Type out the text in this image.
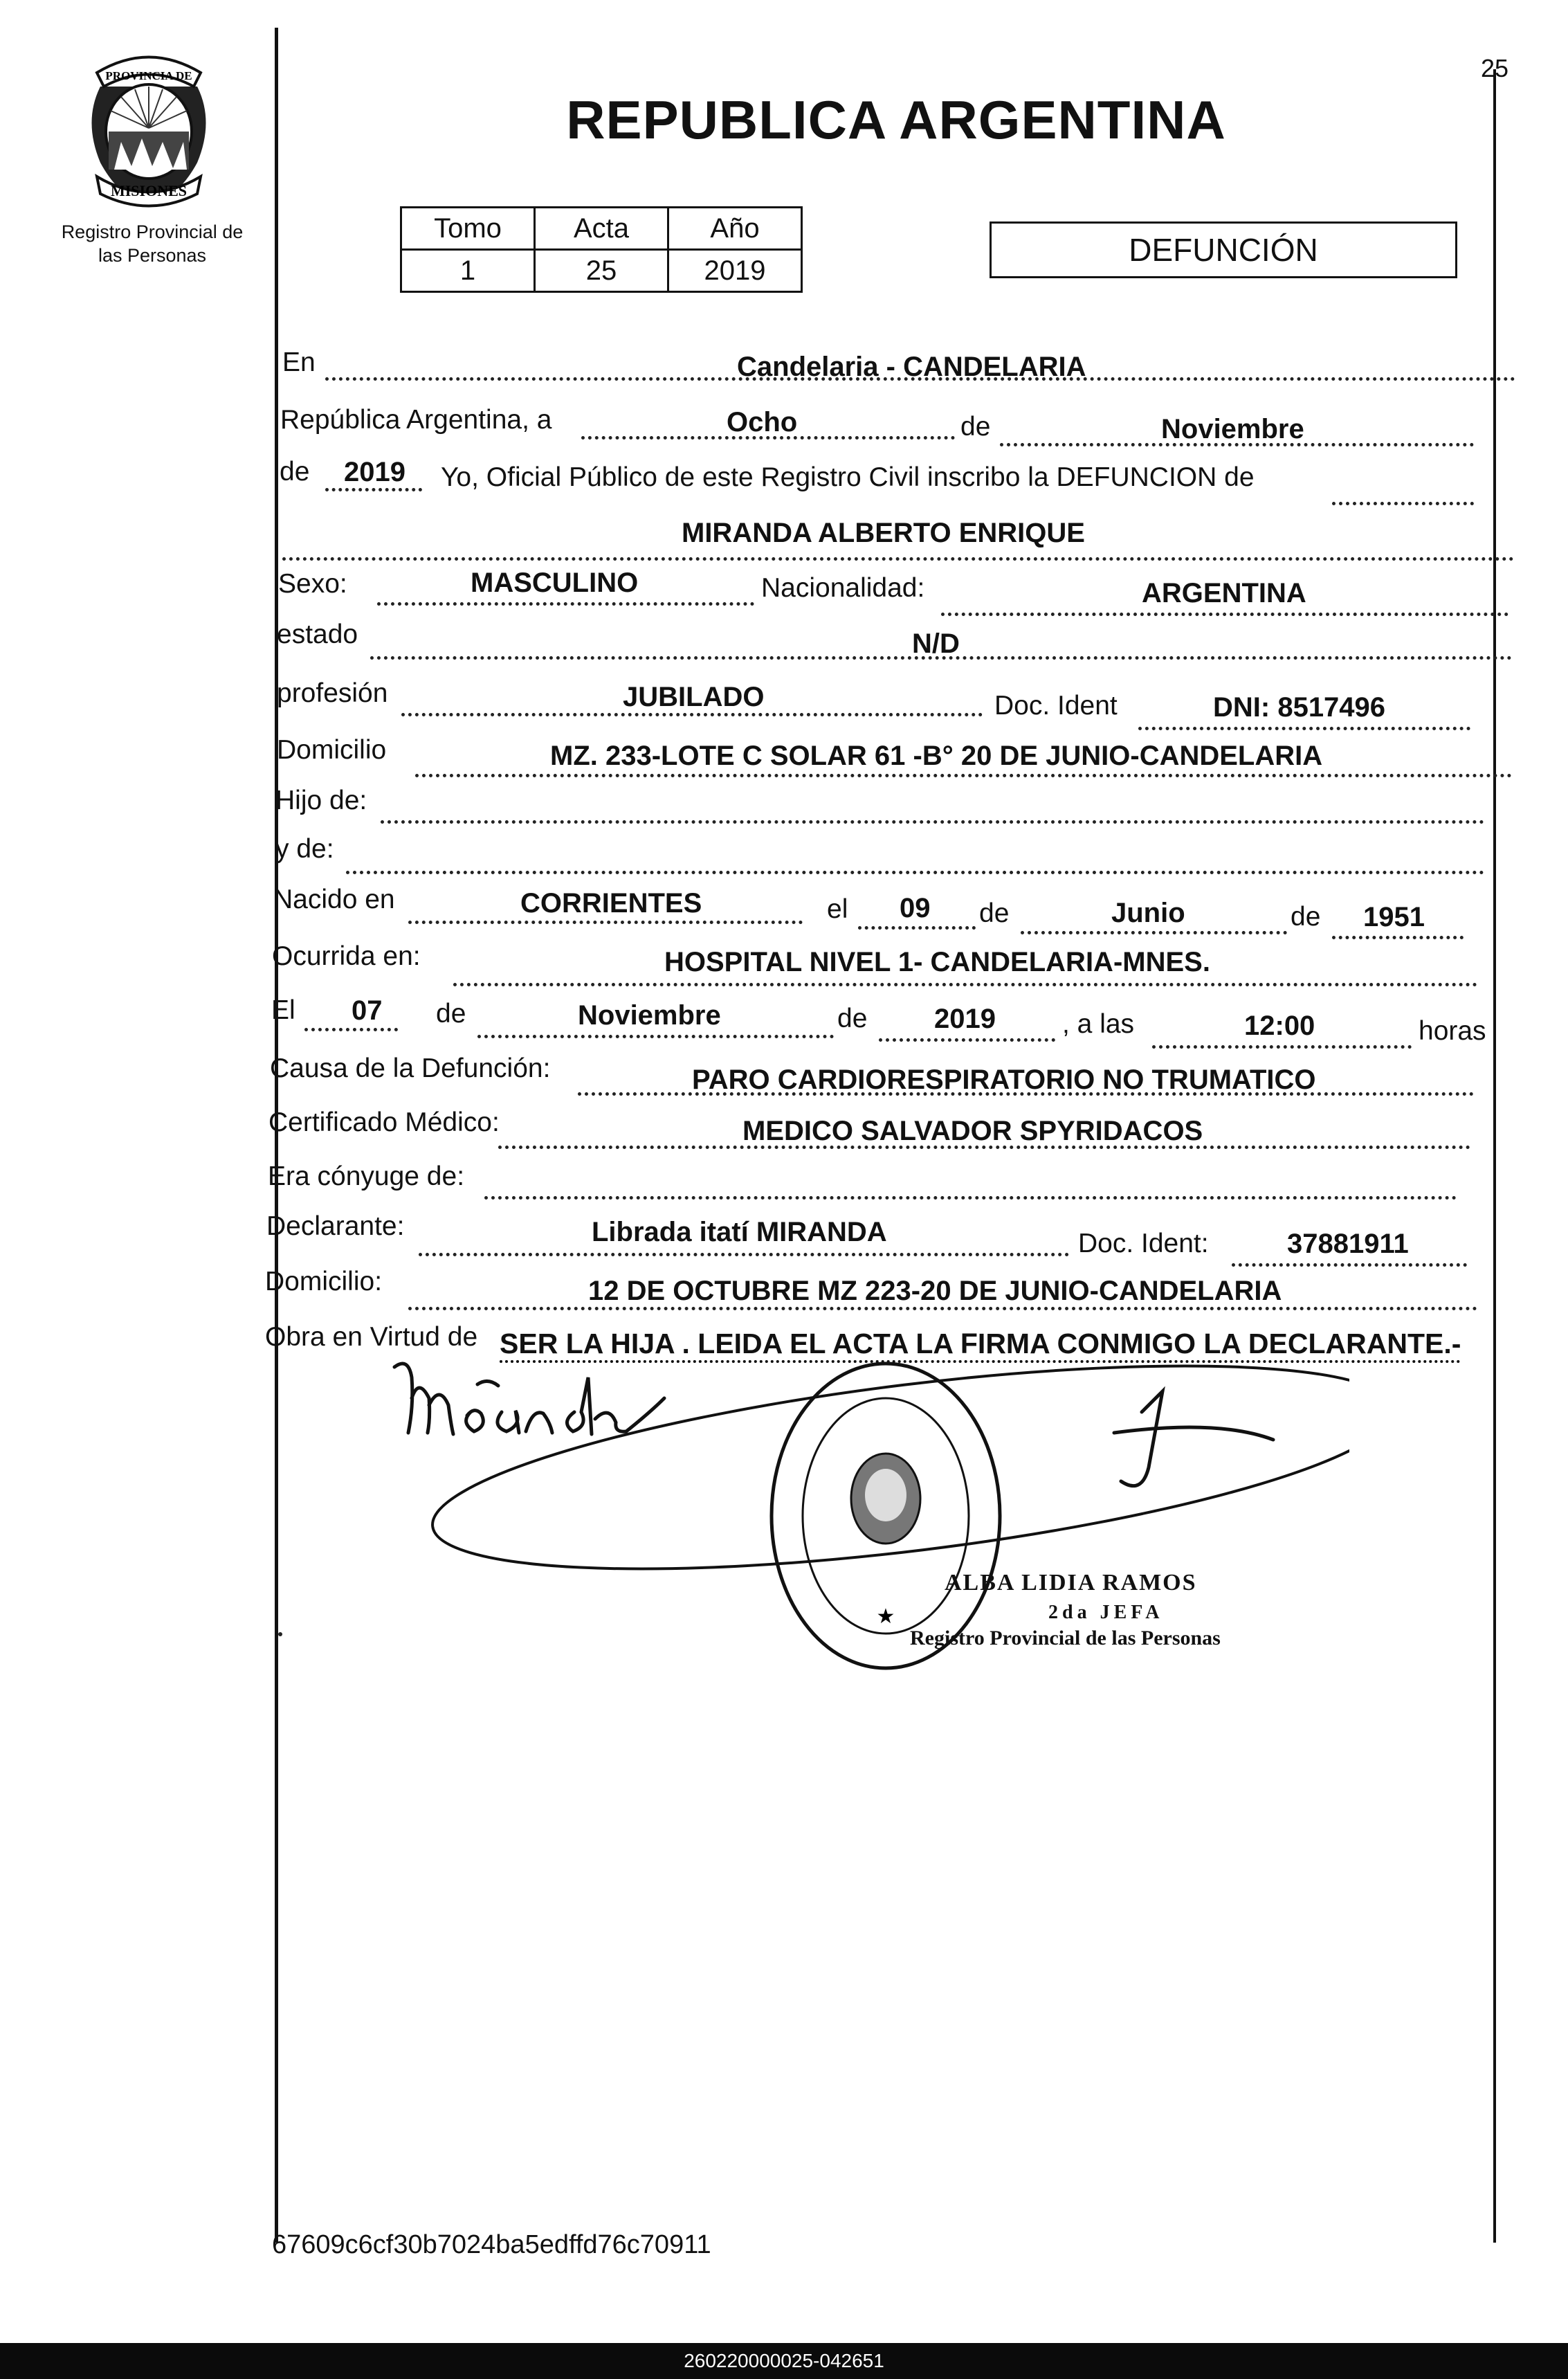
PROVINCIA DE
MISIONES
Registro Provincial de
las Personas
25
REPUBLICA ARGENTINA
Tomo	Acta	Año
1	25	2019
DEFUNCIÓN
En	Candelaria - CANDELARIA
República Argentina, a	Ocho	de	Noviembre
de 2019 Yo, Oficial Público de este Registro Civil inscribo la DEFUNCION de
MIRANDA ALBERTO ENRIQUE
Sexo:	MASCULINO	Nacionalidad:	ARGENTINA
estado	N/D
profesión	JUBILADO	Doc. Ident	DNI: 8517496
Domicilio	MZ. 233-LOTE C SOLAR 61 -B° 20 DE JUNIO-CANDELARIA
Hijo de:
y de:
Nacido en	CORRIENTES	el 09 de	Junio	de 1951
Ocurrida en:	HOSPITAL NIVEL 1- CANDELARIA-MNES.
El 07 de	Noviembre	de 2019 , a las	12:00	horas
Causa de la Defunción:	PARO CARDIORESPIRATORIO NO TRUMATICO
Certificado Médico:	MEDICO SALVADOR SPYRIDACOS
Era cónyuge de:
Declarante:	Librada itatí MIRANDA	Doc. Ident:	37881911
Domicilio:	12 DE OCTUBRE MZ 223-20 DE JUNIO-CANDELARIA
Obra en Virtud de SER LA HIJA . LEIDA EL ACTA LA FIRMA CONMIGO LA DECLARANTE.-
★
ALBA LIDIA RAMOS
2da JEFA
Registro Provincial de las Personas
67609c6cf30b7024ba5edffd76c70911
260220000025-042651
